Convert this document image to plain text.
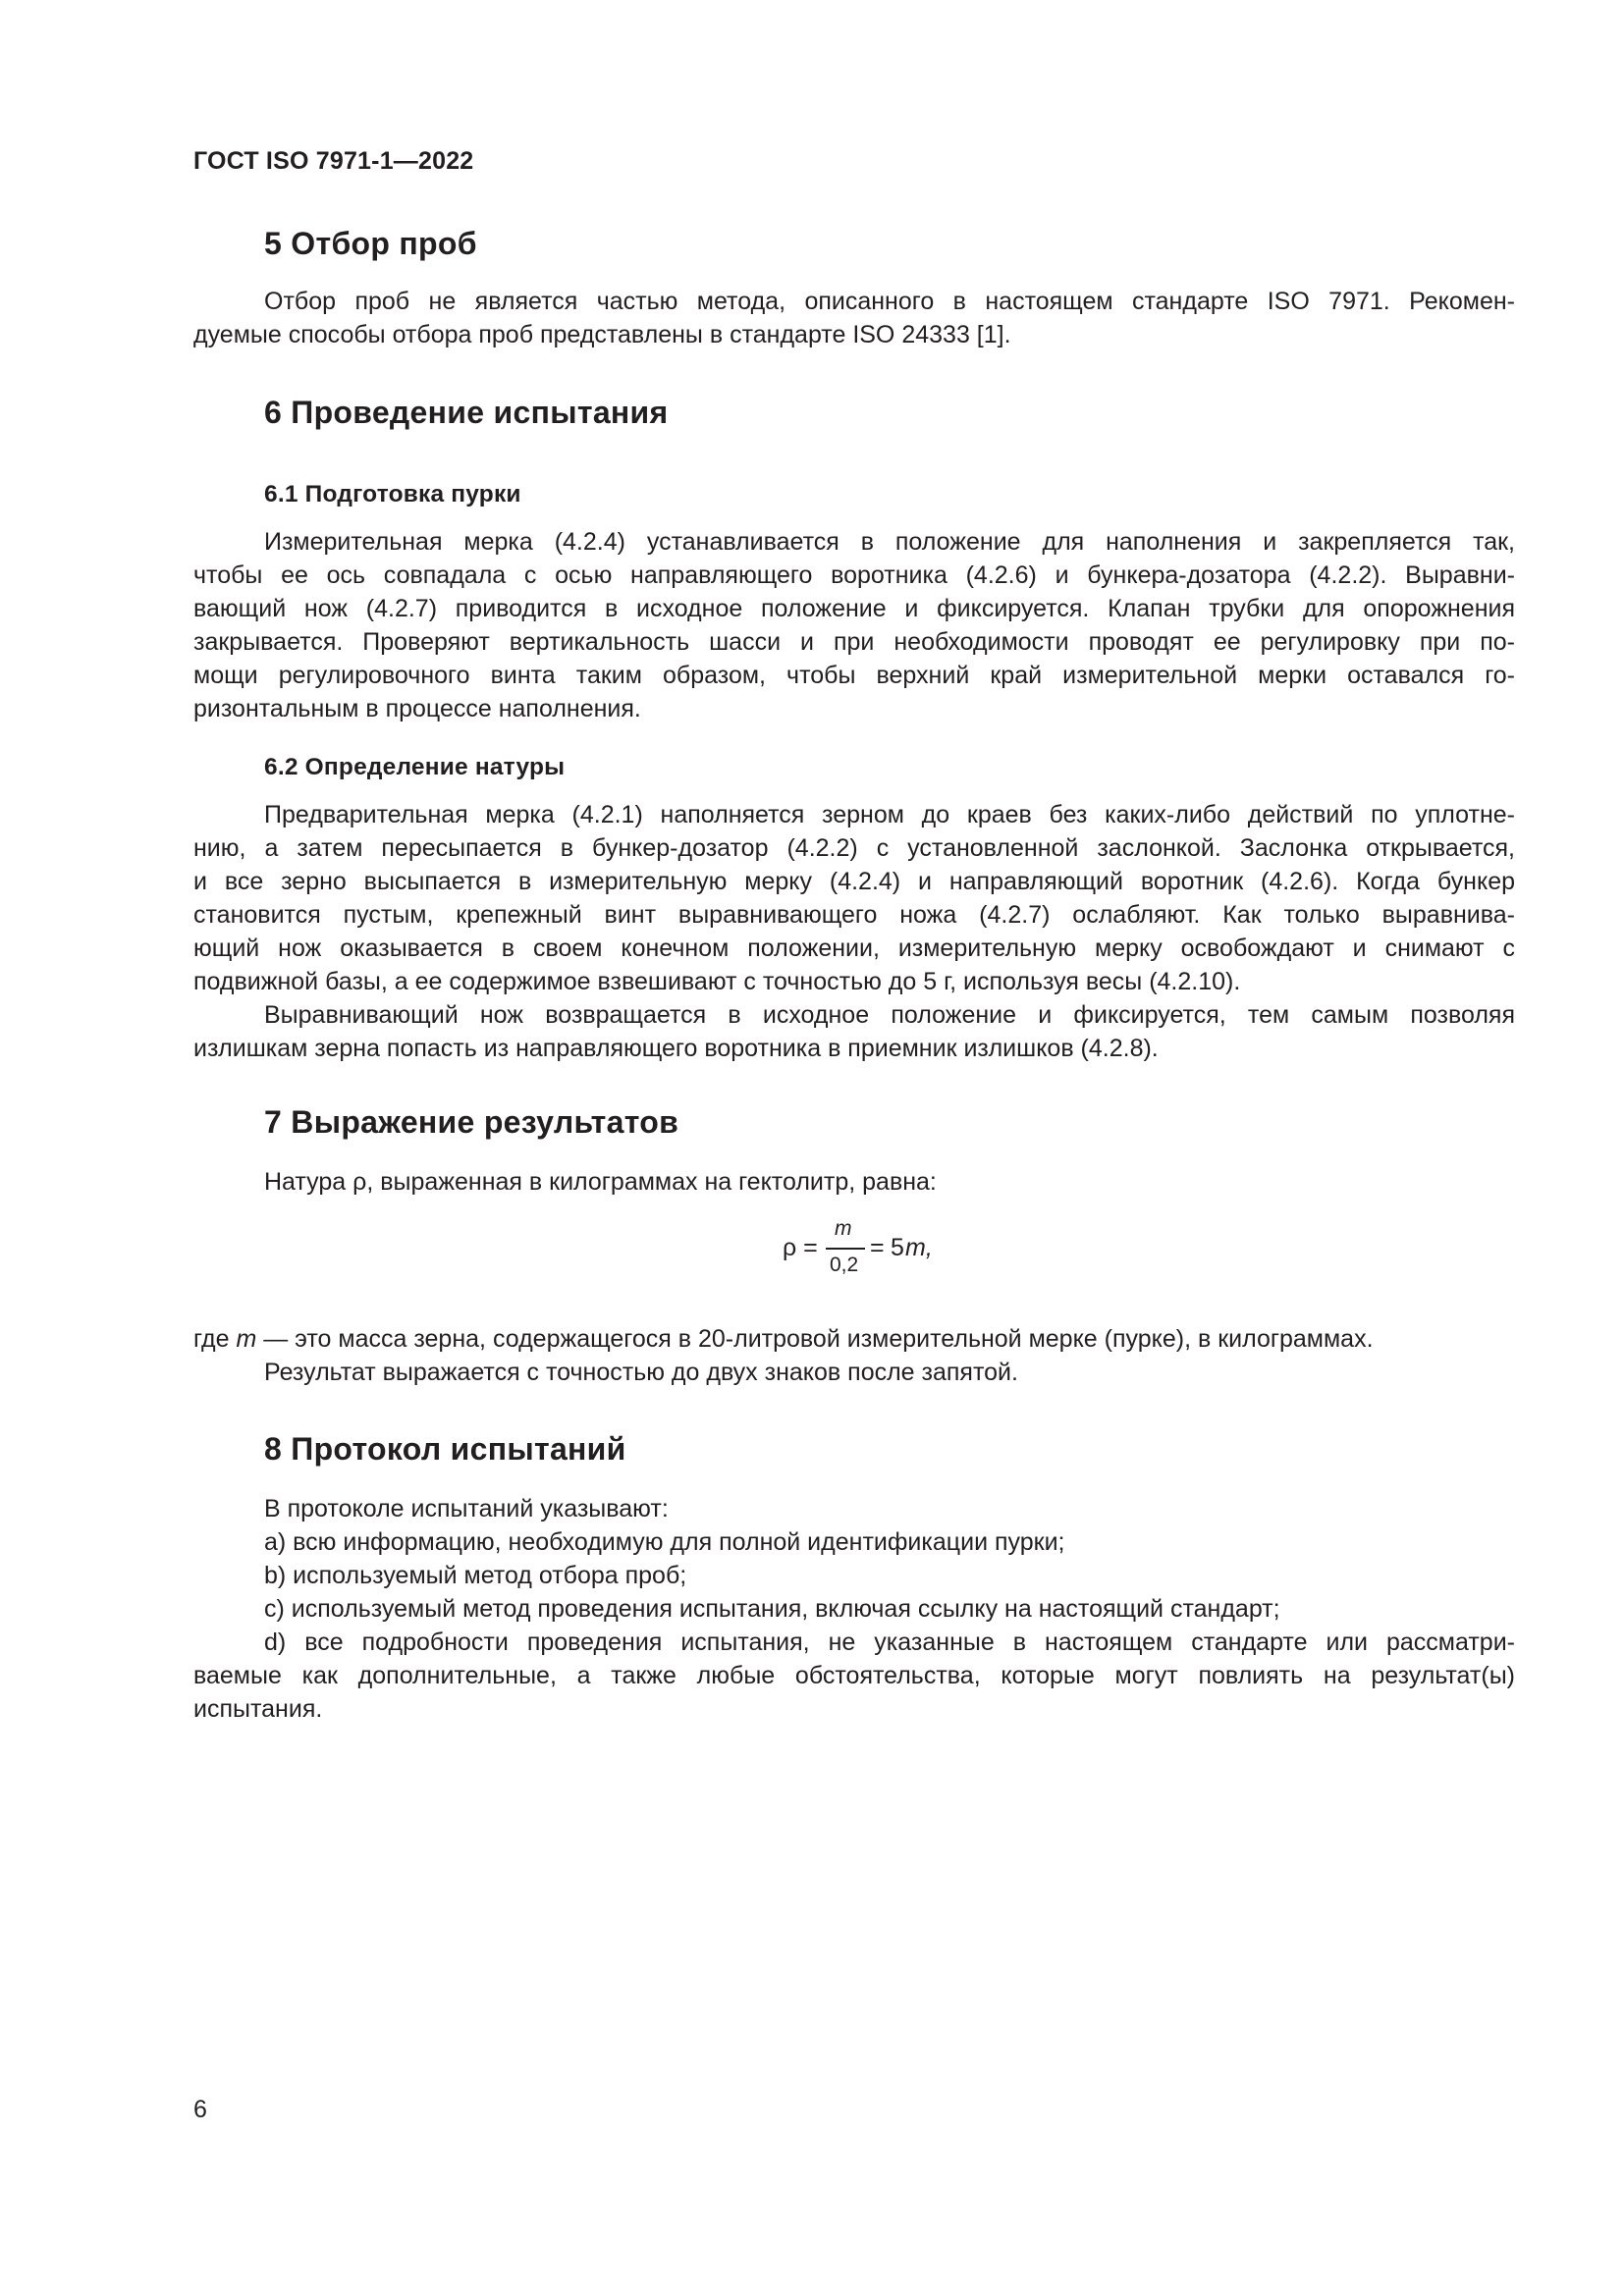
ГОСТ ISO 7971-1—2022
5 Отбор проб
Отбор проб не является частью метода, описанного в настоящем стандарте ISO 7971. Рекомен-
дуемые способы отбора проб представлены в стандарте ISO 24333 [1].
6 Проведение испытания
6.1 Подготовка пурки
Измерительная мерка (4.2.4) устанавливается в положение для наполнения и закрепляется так,
чтобы ее ось совпадала с осью направляющего воротника (4.2.6) и бункера-дозатора (4.2.2). Выравни-
вающий нож (4.2.7) приводится в исходное положение и фиксируется. Клапан трубки для опорожнения
закрывается. Проверяют вертикальность шасси и при необходимости проводят ее регулировку при по-
мощи регулировочного винта таким образом, чтобы верхний край измерительной мерки оставался го-
ризонтальным в процессе наполнения.
6.2 Определение натуры
Предварительная мерка (4.2.1) наполняется зерном до краев без каких-либо действий по уплотне-
нию, а затем пересыпается в бункер-дозатор (4.2.2) с установленной заслонкой. Заслонка открывается,
и все зерно высыпается в измерительную мерку (4.2.4) и направляющий воротник (4.2.6). Когда бункер
становится пустым, крепежный винт выравнивающего ножа (4.2.7) ослабляют. Как только выравнива-
ющий нож оказывается в своем конечном положении, измерительную мерку освобождают и снимают с
подвижной базы, а ее содержимое взвешивают с точностью до 5 г, используя весы (4.2.10).
Выравнивающий нож возвращается в исходное положение и фиксируется, тем самым позволяя
излишкам зерна попасть из направляющего воротника в приемник излишков (4.2.8).
7 Выражение результатов
Натура ρ, выраженная в килограммах на гектолитр, равна:
ρ =
m
0,2
= 5 m,
где m — это масса зерна, содержащегося в 20-литровой измерительной мерке (пурке), в килограммах.
Результат выражается с точностью до двух знаков после запятой.
8 Протокол испытаний
В протоколе испытаний указывают:
a) всю информацию, необходимую для полной идентификации пурки;
b) используемый метод отбора проб;
c) используемый метод проведения испытания, включая ссылку на настоящий стандарт;
d) все подробности проведения испытания, не указанные в настоящем стандарте или рассматри-
ваемые как дополнительные, а также любые обстоятельства, которые могут повлиять на результат(ы)
испытания.
6
